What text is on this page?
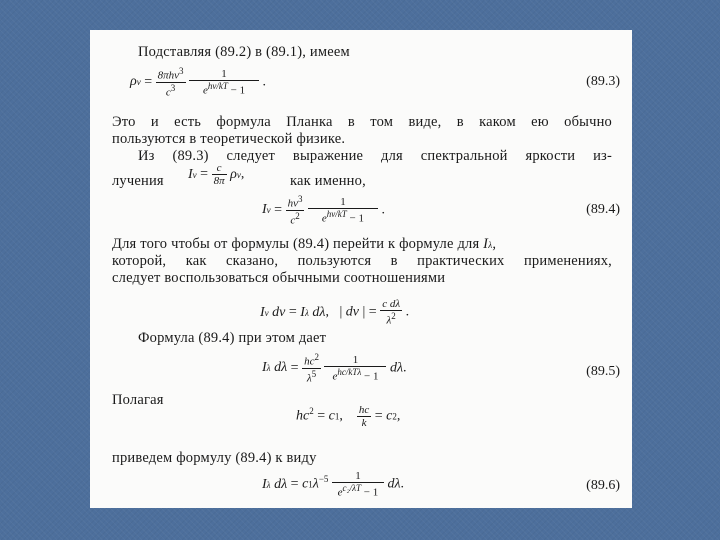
Подставляя (89.2) в (89.1), имеем
$\rho\nu = \frac{8\pi h\nu^3}{c^3}$
$\frac{1}{e^{h\nu/kT} - 1}$ .	(89.3)
Это и есть формула Планка в том виде, в каком ею обычно
пользуются в теоретической физике.
Из (89.3) следует выражение для спектральной яркости из-
лучения $I\nu = \frac{c}{8\pi} \rho\nu$,	как именно,
$I\nu = \frac{h\nu^3}{c^2}$
$\frac{1}{e^{h\nu/kT} - 1}$ .	(89.4)
Для того чтобы от формулы (89.4) перейти к формуле для Iλ,
которой, как сказано, пользуются в практических применениях,
следует воспользоваться обычными соотношениями
Iν dν = Iλ dλ,   | dν | = $\frac{\text{c dλ}}{\lambda^2}$ .
Формула (89.4) при этом дает
Iλ $d\lambda = \frac{hc^2}{\lambda^5}$
$\frac{1}{e^{hc/kT\lambda} - 1} d\lambda$.	(89.5)
Полагая
$hc^2 = c1$, $\frac{hc}{k} = c2$,
приведем формулу (89.4) к виду
Iλ $d\lambda = c1\lambda^{-5} \frac{1}{e^{c_2/\lambda T} - 1} d\lambda$.	(89.6)
